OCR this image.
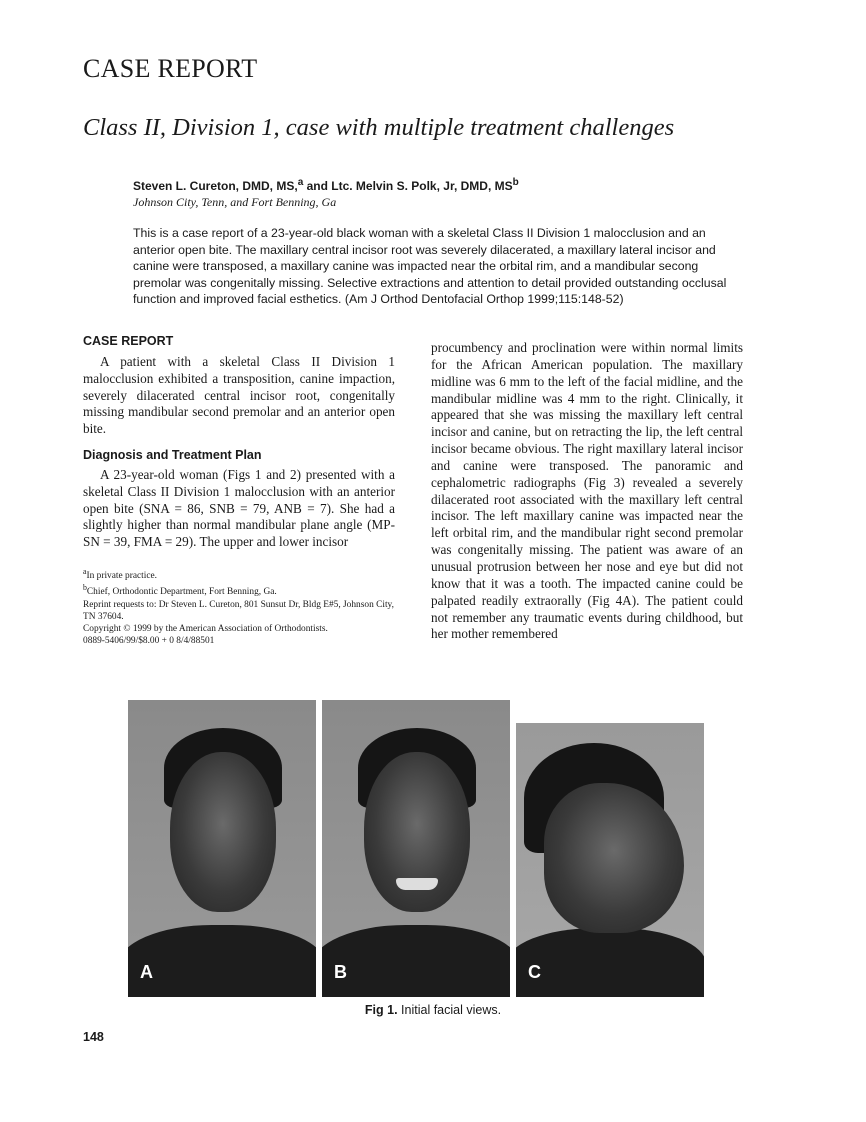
CASE REPORT
Class II, Division 1, case with multiple treatment challenges
Steven L. Cureton, DMD, MS,$^a$ and Ltc. Melvin S. Polk, Jr, DMD, $MS^b$
Johnson City, Tenn, and Fort Benning, Ga
This is a case report of a 23-year-old black woman with a skeletal Class II Division 1 malocclusion and an anterior open bite. The maxillary central incisor root was severely dilacerated, a maxillary lateral incisor and canine were transposed, a maxillary canine was impacted near the orbital rim, and a mandibular secong premolar was congenitally missing. Selective extractions and attention to detail provided outstanding occlusal function and improved facial esthetics. (Am J Orthod Dentofacial Orthop 1999;115:148-52)
CASE REPORT

A patient with a skeletal Class II Division 1 malocclusion exhibited a transposition, canine impaction, severely dilacerated central incisor root, congenitally missing mandibular second premolar and an anterior open bite.

Diagnosis and Treatment Plan

A 23-year-old woman (Figs 1 and 2) presented with a skeletal Class II Division 1 malocclusion with an anterior open bite (SNA = 86, SNB = 79, ANB = 7). She had a slightly higher than normal mandibular plane angle (MP-SN = 39, FMA = 29). The upper and lower incisor

$^a$In private practice.
$^b$Chief, Orthodontic Department, Fort Benning, Ga.
Reprint requests to: Dr Steven L. Cureton, 801 Sunsut Dr, Bldg E#5, Johnson City, TN 37604.
Copyright © 1999 by the American Association of Orthodontists.
0889-5406/99/$8.00 + 0 8/4/88501

procumbency and proclination were within normal limits for the African American population. The maxillary midline was 6 mm to the left of the facial midline, and the mandibular midline was 4 mm to the right. Clinically, it appeared that she was missing the maxillary left central incisor and canine, but on retracting the lip, the left central incisor became obvious. The right maxillary lateral incisor and canine were transposed. The panoramic and cephalometric radiographs (Fig 3) revealed a severely dilacerated root associated with the maxillary left central incisor. The left maxillary canine was impacted near the left orbital rim, and the mandibular right second premolar was congenitally missing. The patient was aware of an unusual protrusion between her nose and eye but did not know that it was a tooth. The impacted canine could be palpated readily extraorally (Fig 4A). The patient could not remember any traumatic events during childhood, but her mother remembered

A	B	C
Fig 1. Initial facial views.
148
